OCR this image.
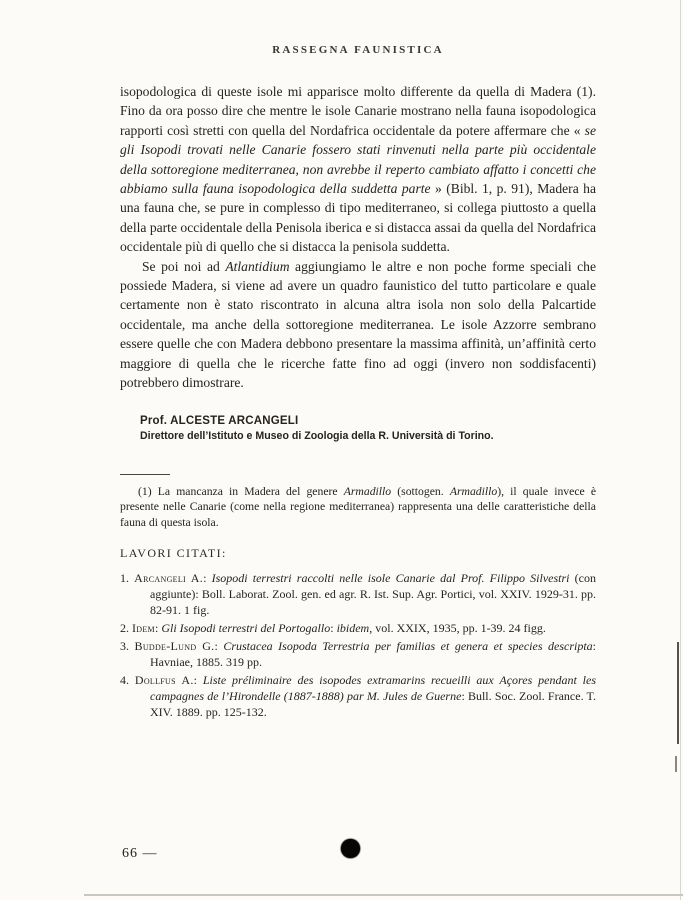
RASSEGNA FAUNISTICA

isopodologica di queste isole mi apparisce molto differente da quella di Madera (1). Fino da ora posso dire che mentre le isole Canarie mostrano nella fauna isopodologica rapporti così stretti con quella del Nordafrica occidentale da potere affermare che « se gli Isopodi trovati nelle Canarie fossero stati rinvenuti nella parte più occidentale della sottoregione mediterranea, non avrebbe il reperto cambiato affatto i concetti che abbiamo sulla fauna isopodologica della suddetta parte » (Bibl. 1, p. 91), Madera ha una fauna che, se pure in complesso di tipo mediterraneo, si collega piuttosto a quella della parte occidentale della Penisola iberica e si distacca assai da quella del Nordafrica occidentale più di quello che si distacca la penisola suddetta.

Se poi noi ad Atlantidium aggiungiamo le altre e non poche forme speciali che possiede Madera, si viene ad avere un quadro faunistico del tutto particolare e quale certamente non è stato riscontrato in alcuna altra isola non solo della Palcartide occidentale, ma anche della sottoregione mediterranea. Le isole Azzorre sembrano essere quelle che con Madera debbono presentare la massima affinità, un’affinità certo maggiore di quella che le ricerche fatte fino ad oggi (invero non soddisfacenti) potrebbero dimostrare.

Prof. ALCESTE ARCANGELI
Direttore dell’Istituto e Museo di Zoologia della R. Università di Torino.

(1) La mancanza in Madera del genere Armadillo (sottogen. Armadillo), il quale invece è presente nelle Canarie (come nella regione mediterranea) rappresenta una delle caratteristiche della fauna di questa isola.

LAVORI CITATI:

1. Arcangeli A.: Isopodi terrestri raccolti nelle isole Canarie dal Prof. Filippo Silvestri (con aggiunte): Boll. Laborat. Zool. gen. ed agr. R. Ist. Sup. Agr. Portici, vol. XXIV. 1929-31. pp. 82-91. 1 fig.

2. Idem: Gli Isopodi terrestri del Portogallo: ibidem, vol. XXIX, 1935, pp. 1-39. 24 figg.

3. Budde-Lund G.: Crustacea Isopoda Terrestria per familias et genera et species descripta: Havniae, 1885. 319 pp.

4. Dollfus A.: Liste préliminaire des isopodes extramarins recueilli aux Açores pendant les campagnes de l’Hirondelle (1887-1888) par M. Jules de Guerne: Bull. Soc. Zool. France. T. XIV. 1889. pp. 125-132.

66 —
